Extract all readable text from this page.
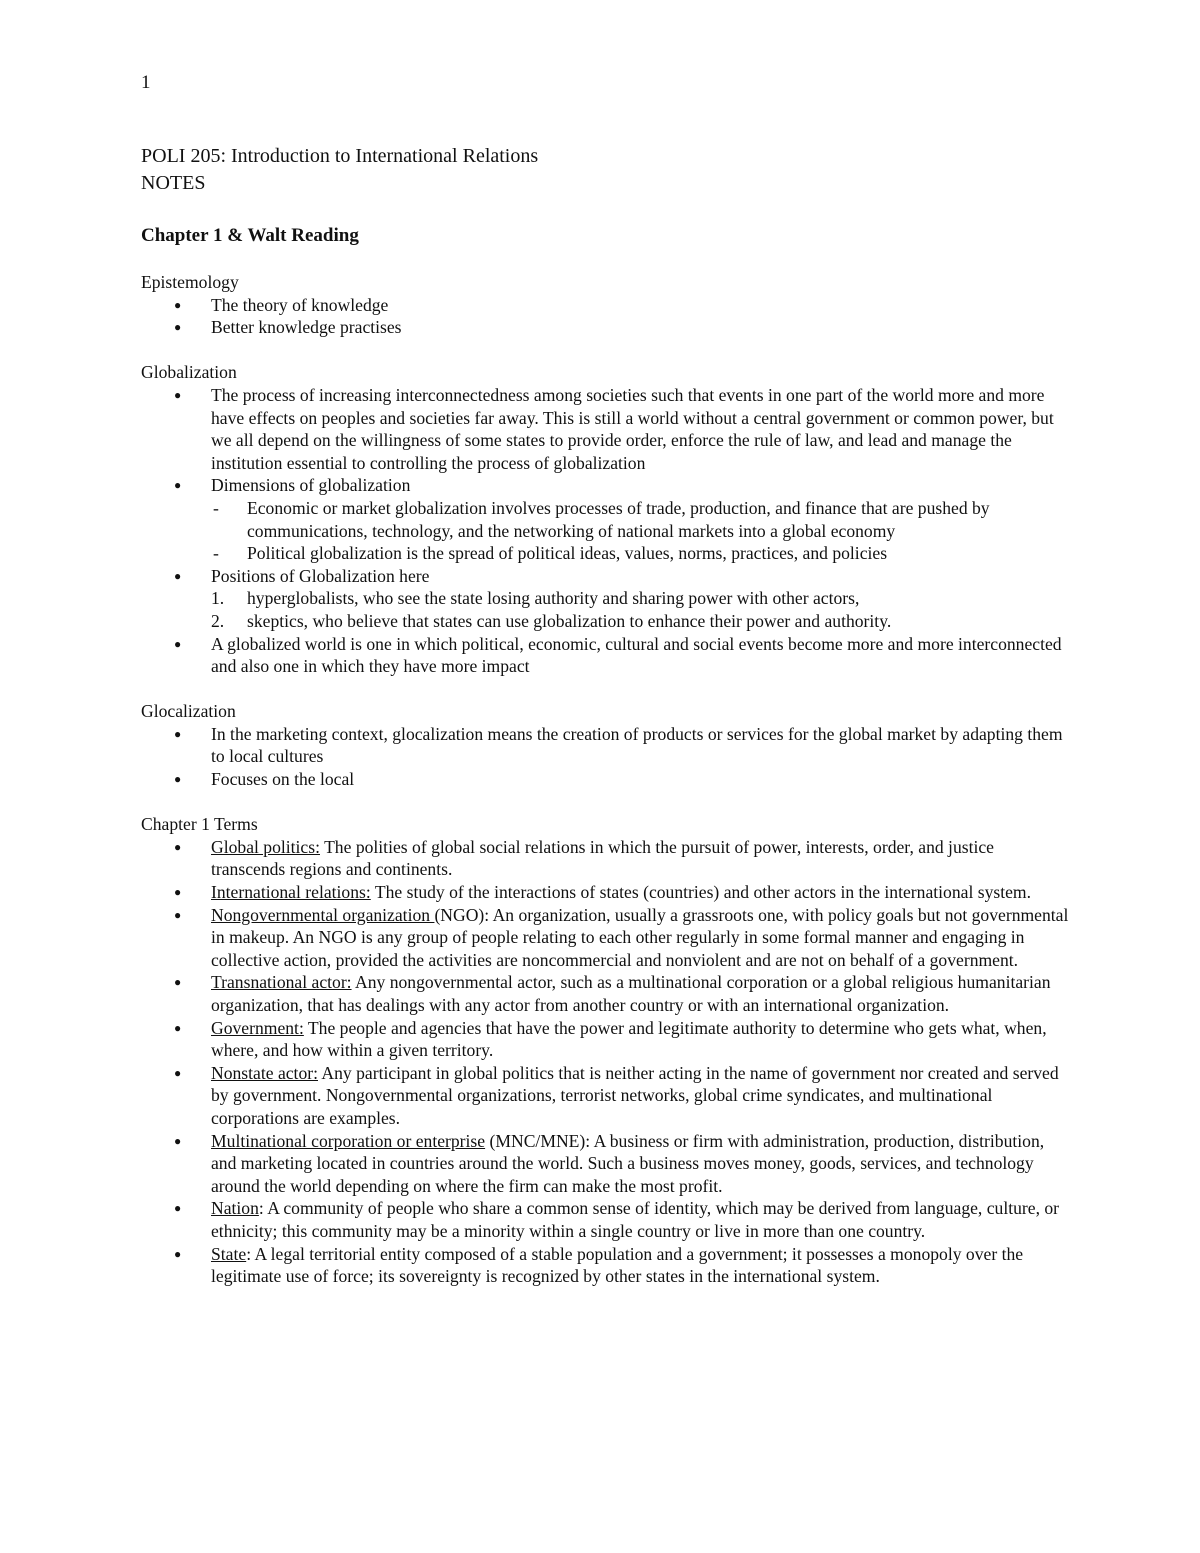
1
POLI 205: Introduction to International Relations
NOTES
Chapter 1 & Walt Reading
Epistemology
● The theory of knowledge
● Better knowledge practises
Globalization
● The process of increasing interconnectedness among societies such that events in one part of the world more and more have effects on peoples and societies far away. This is still a world without a central government or common power, but we all depend on the willingness of some states to provide order, enforce the rule of law, and lead and manage the institution essential to controlling the process of globalization
● Dimensions of globalization
- Economic or market globalization involves processes of trade, production, and finance that are pushed by communications, technology, and the networking of national markets into a global economy
- Political globalization is the spread of political ideas, values, norms, practices, and policies
● Positions of Globalization here
1. hyperglobalists, who see the state losing authority and sharing power with other actors,
2. skeptics, who believe that states can use globalization to enhance their power and authority.
● A globalized world is one in which political, economic, cultural and social events become more and more interconnected and also one in which they have more impact
Glocalization
● In the marketing context, glocalization means the creation of products or services for the global market by adapting them to local cultures
● Focuses on the local
Chapter 1 Terms
● Global politics: The polities of global social relations in which the pursuit of power, interests, order, and justice transcends regions and continents.
● International relations: The study of the interactions of states (countries) and other actors in the international system.
● Nongovernmental organization (NGO): An organization, usually a grassroots one, with policy goals but not governmental in makeup. An NGO is any group of people relating to each other regularly in some formal manner and engaging in collective action, provided the activities are noncommercial and nonviolent and are not on behalf of a government.
● Transnational actor: Any nongovernmental actor, such as a multinational corporation or a global religious humanitarian organization, that has dealings with any actor from another country or with an international organization.
● Government: The people and agencies that have the power and legitimate authority to determine who gets what, when, where, and how within a given territory.
● Nonstate actor: Any participant in global politics that is neither acting in the name of government nor created and served by government. Nongovernmental organizations, terrorist networks, global crime syndicates, and multinational corporations are examples.
● Multinational corporation or enterprise (MNC/MNE): A business or firm with administration, production, distribution, and marketing located in countries around the world. Such a business moves money, goods, services, and technology around the world depending on where the firm can make the most profit.
● Nation: A community of people who share a common sense of identity, which may be derived from language, culture, or ethnicity; this community may be a minority within a single country or live in more than one country.
● State: A legal territorial entity composed of a stable population and a government; it possesses a monopoly over the legitimate use of force; its sovereignty is recognized by other states in the international system.
